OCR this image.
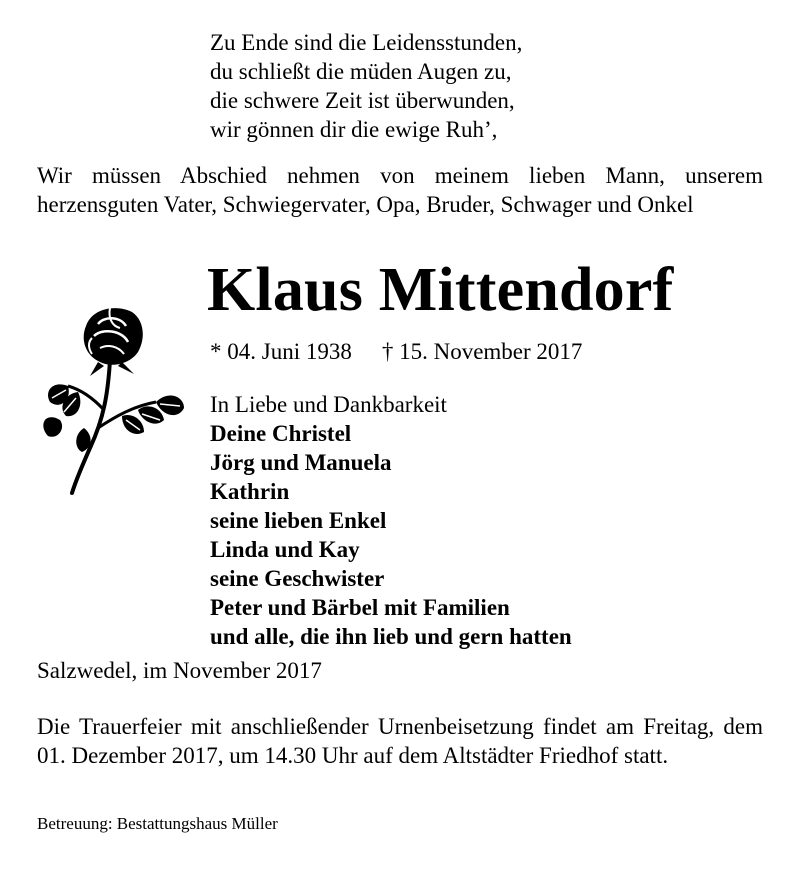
Zu Ende sind die Leidensstunden,
du schließt die müden Augen zu,
die schwere Zeit ist überwunden,
wir gönnen dir die ewige Ruh’,

Wir müssen Abschied nehmen von meinem lieben Mann, unserem herzensguten Vater, Schwiegervater, Opa, Bruder, Schwager und Onkel

Klaus Mittendorf
* 04. Juni 1938 † 15. November 2017
In Liebe und Dankbarkeit
Deine Christel
Jörg und Manuela
Kathrin
seine lieben Enkel
Linda und Kay
seine Geschwister
Peter und Bärbel mit Familien
und alle, die ihn lieb und gern hatten
Salzwedel, im November 2017

Die Trauerfeier mit anschließender Urnenbeisetzung findet am Freitag, dem 01. Dezember 2017, um 14.30 Uhr auf dem Altstädter Friedhof statt.

Betreuung: Bestattungshaus Müller
